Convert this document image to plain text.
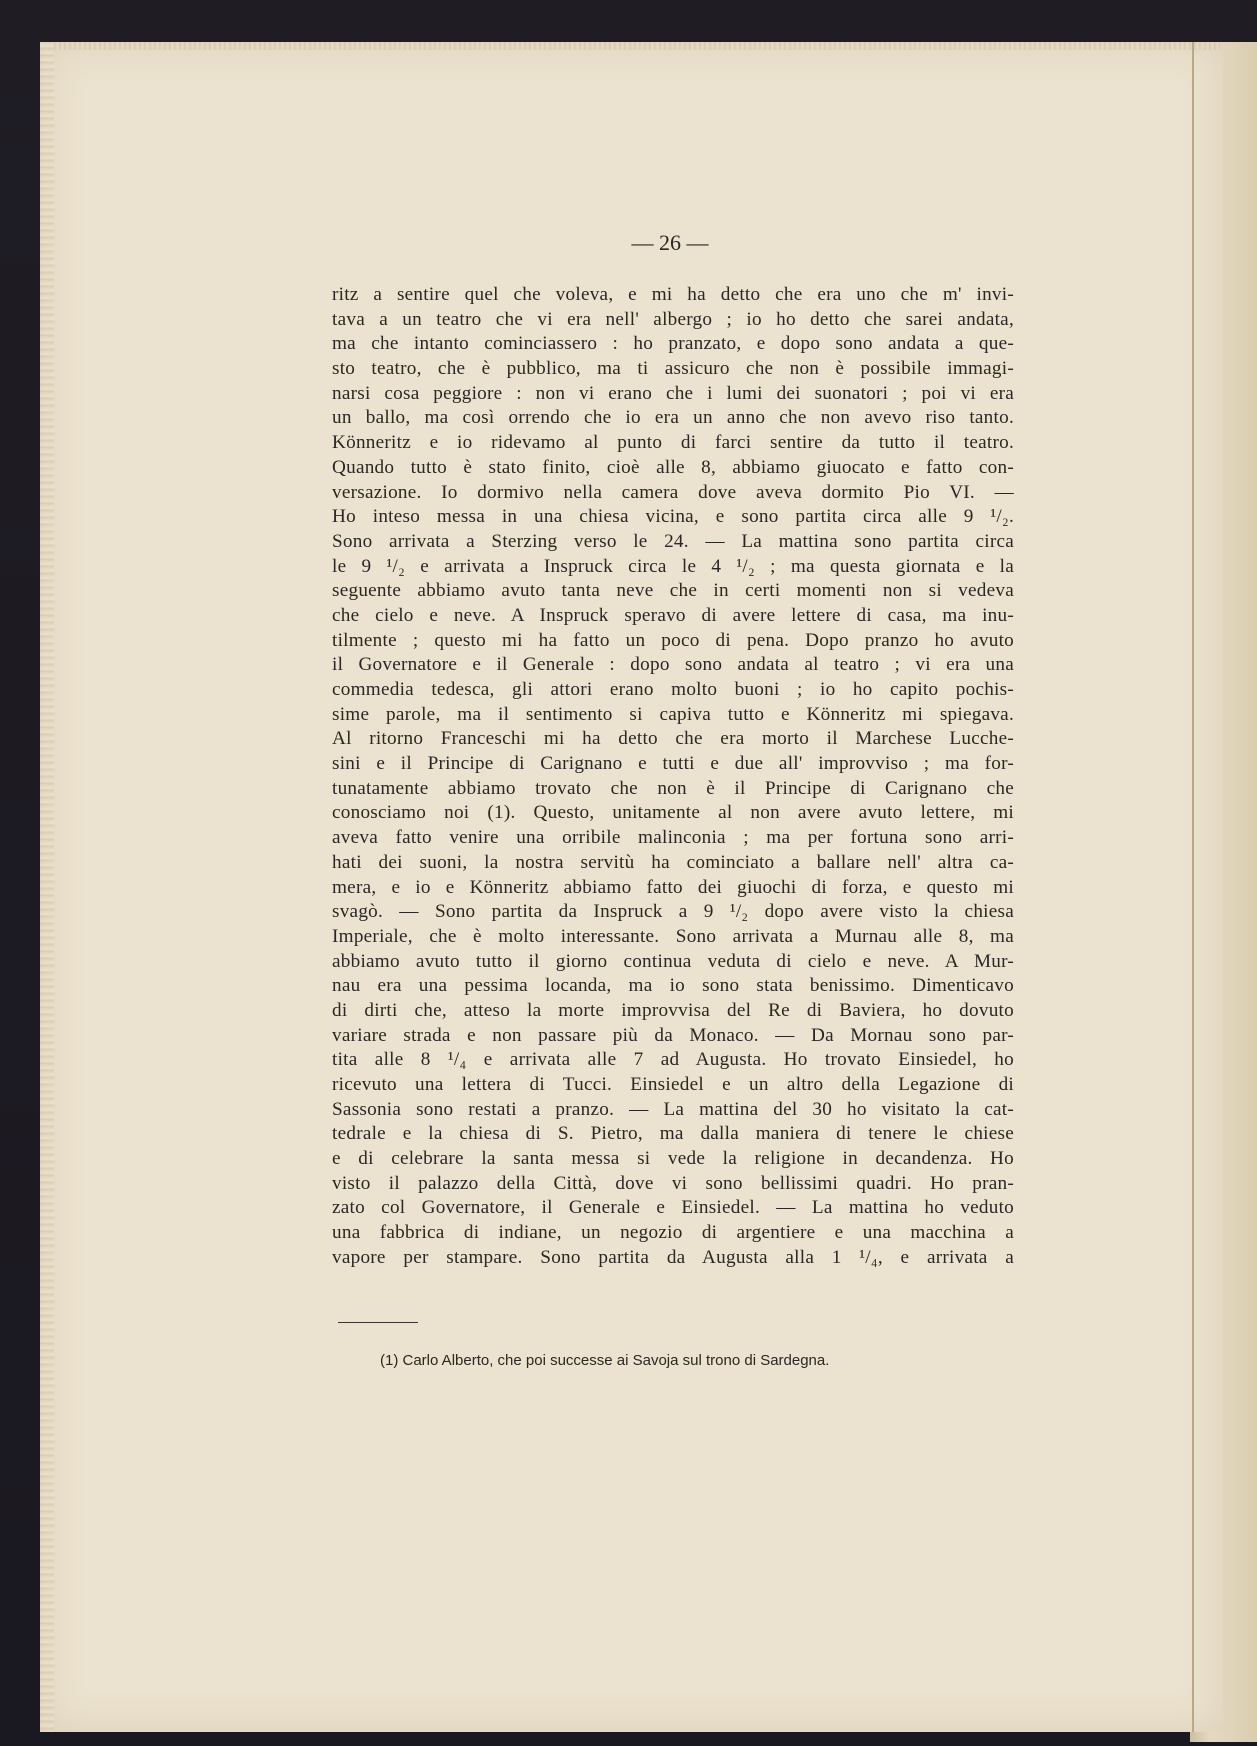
— 26 —
ritz a sentire quel che voleva, e mi ha detto che era uno che m' invi-
tava a un teatro che vi era nell' albergo ; io ho detto che sarei andata,
ma che intanto cominciassero : ho pranzato, e dopo sono andata a que-
sto teatro, che è pubblico, ma ti assicuro che non è possibile immagi-
narsi cosa peggiore : non vi erano che i lumi dei suonatori ; poi vi era
un ballo, ma così orrendo che io era un anno che non avevo riso tanto.
Könneritz e io ridevamo al punto di farci sentire da tutto il teatro.
Quando tutto è stato finito, cioè alle 8, abbiamo giuocato e fatto con-
versazione. Io dormivo nella camera dove aveva dormito Pio VI. —
Ho inteso messa in una chiesa vicina, e sono partita circa alle 9 ¹/₂.
Sono arrivata a Sterzing verso le 24. — La mattina sono partita circa
le 9 ¹/₂ e arrivata a Inspruck circa le 4 ¹/₂ ; ma questa giornata e la
seguente abbiamo avuto tanta neve che in certi momenti non si vedeva
che cielo e neve. A Inspruck speravo di avere lettere di casa, ma inu-
tilmente ; questo mi ha fatto un poco di pena. Dopo pranzo ho avuto
il Governatore e il Generale : dopo sono andata al teatro ; vi era una
commedia tedesca, gli attori erano molto buoni ; io ho capito pochis-
sime parole, ma il sentimento si capiva tutto e Könneritz mi spiegava.
Al ritorno Franceschi mi ha detto che era morto il Marchese Lucche-
sini e il Principe di Carignano e tutti e due all' improvviso ; ma for-
tunatamente abbiamo trovato che non è il Principe di Carignano che
conosciamo noi (1). Questo, unitamente al non avere avuto lettere, mi
aveva fatto venire una orribile malinconia ; ma per fortuna sono arri-
hati dei suoni, la nostra servitù ha cominciato a ballare nell' altra ca-
mera, e io e Könneritz abbiamo fatto dei giuochi di forza, e questo mi
svagò. — Sono partita da Inspruck a 9 ¹/₂ dopo avere visto la chiesa
Imperiale, che è molto interessante. Sono arrivata a Murnau alle 8, ma
abbiamo avuto tutto il giorno continua veduta di cielo e neve. A Mur-
nau era una pessima locanda, ma io sono stata benissimo. Dimenticavo
di dirti che, atteso la morte improvvisa del Re di Baviera, ho dovuto
variare strada e non passare più da Monaco. — Da Mornau sono par-
tita alle 8 ¹/₄ e arrivata alle 7 ad Augusta. Ho trovato Einsiedel, ho
ricevuto una lettera di Tucci. Einsiedel e un altro della Legazione di
Sassonia sono restati a pranzo. — La mattina del 30 ho visitato la cat-
tedrale e la chiesa di S. Pietro, ma dalla maniera di tenere le chiese
e di celebrare la santa messa si vede la religione in decandenza. Ho
visto il palazzo della Città, dove vi sono bellissimi quadri. Ho pran-
zato col Governatore, il Generale e Einsiedel. — La mattina ho veduto
una fabbrica di indiane, un negozio di argentiere e una macchina a
vapore per stampare. Sono partita da Augusta alla 1 ¹/₄, e arrivata a
(1) Carlo Alberto, che poi successe ai Savoja sul trono di Sardegna.
